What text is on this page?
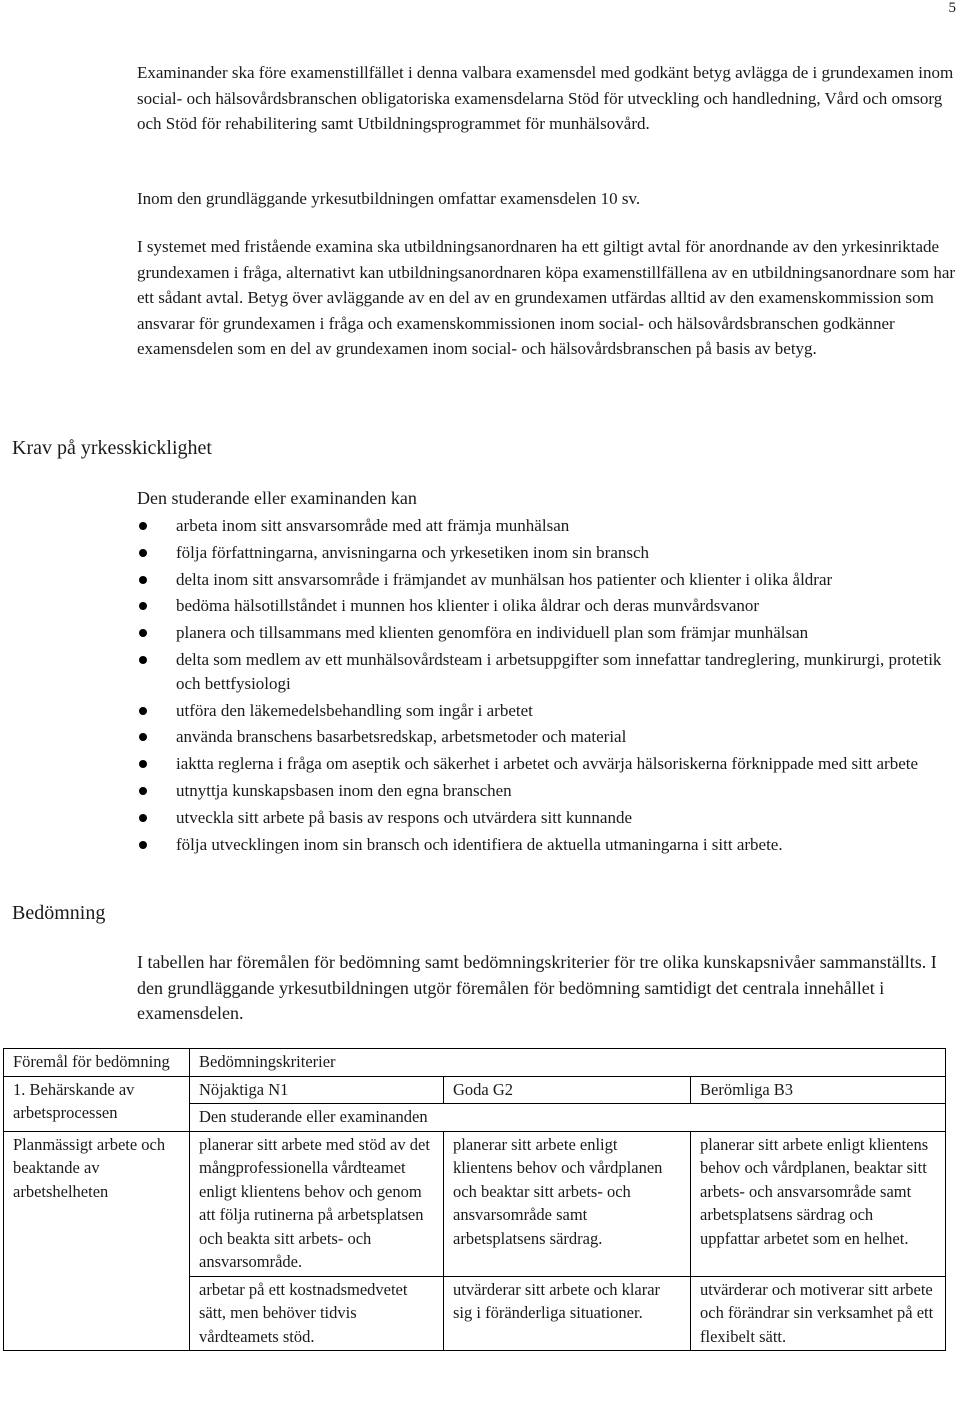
5

Examinander ska före examenstillfället i denna valbara examensdel med godkänt betyg avlägga de i grundexamen inom social- och hälsovårdsbranschen obligatoriska examensdelarna Stöd för utveckling och handledning, Vård och omsorg och Stöd för rehabilitering samt Utbildningsprogrammet för munhälsovård.

Inom den grundläggande yrkesutbildningen omfattar examensdelen 10 sv.

I systemet med fristående examina ska utbildningsanordnaren ha ett giltigt avtal för anordnande av den yrkesinriktade grundexamen i fråga, alternativt kan utbildningsanordnaren köpa examenstillfällena av en utbildningsanordnare som har ett sådant avtal. Betyg över avläggande av en del av en grundexamen utfärdas alltid av den examenskommission som ansvarar för grundexamen i fråga och examenskommissionen inom social- och hälsovårdsbranschen godkänner examensdelen som en del av grundexamen inom social- och hälsovårdsbranschen på basis av betyg.

Krav på yrkesskicklighet

Den studerande eller examinanden kan

arbeta inom sitt ansvarsområde med att främja munhälsan
följa författningarna, anvisningarna och yrkesetiken inom sin bransch
delta inom sitt ansvarsområde i främjandet av munhälsan hos patienter och klienter i olika åldrar
bedöma hälsotillståndet i munnen hos klienter i olika åldrar och deras munvårdsvanor
planera och tillsammans med klienten genomföra en individuell plan som främjar munhälsan
delta som medlem av ett munhälsovårdsteam i arbetsuppgifter som innefattar tandreglering, munkirurgi, protetik och bettfysiologi
utföra den läkemedelsbehandling som ingår i arbetet
använda branschens basarbetsredskap, arbetsmetoder och material
iaktta reglerna i fråga om aseptik och säkerhet i arbetet och avvärja hälsoriskerna förknippade med sitt arbete
utnyttja kunskapsbasen inom den egna branschen
utveckla sitt arbete på basis av respons och utvärdera sitt kunnande
följa utvecklingen inom sin bransch och identifiera de aktuella utmaningarna i sitt arbete.
Bedömning

I tabellen har föremålen för bedömning samt bedömningskriterier för tre olika kunskapsnivåer sammanställts. I den grundläggande yrkesutbildningen utgör föremålen för bedömning samtidigt det centrala innehållet i examensdelen.

Föremål för bedömning	Bedömningskriterier		
1. Behärskande av arbetsprocessen	Nöjaktiga N1	Goda G2	Berömliga B3
	Den studerande eller examinanden		
Planmässigt arbete och beaktande av arbetshelheten	planerar sitt arbete med stöd av det mångprofessionella vårdteamet enligt klientens behov och genom att följa rutinerna på arbetsplatsen och beakta sitt arbets- och ansvarsområde.	planerar sitt arbete enligt klientens behov och vårdplanen och beaktar sitt arbets- och ansvarsområde samt arbetsplatsens särdrag.	planerar sitt arbete enligt klientens behov och vårdplanen, beaktar sitt arbets- och ansvarsområde samt arbetsplatsens särdrag och uppfattar arbetet som en helhet.
	arbetar på ett kostnadsmedvetet sätt, men behöver tidvis vårdteamets stöd.	utvärderar sitt arbete och klarar sig i föränderliga situationer.	utvärderar och motiverar sitt arbete och förändrar sin verksamhet på ett flexibelt sätt.
